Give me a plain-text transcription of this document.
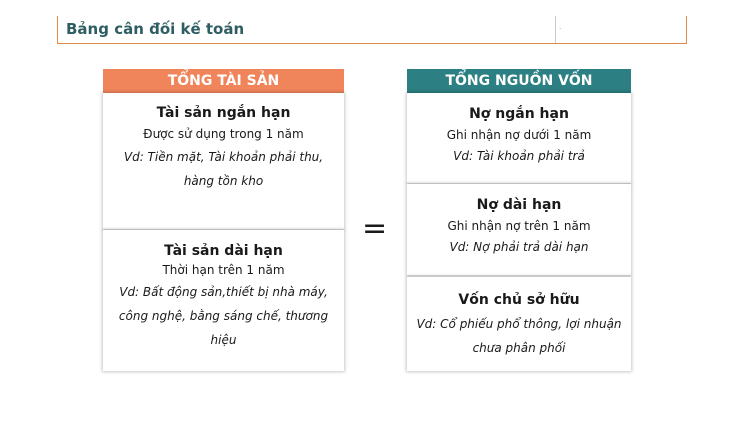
Bảng cân đối kế toán	.
TỔNG TÀI SẢN

Tài sản ngắn hạn

Được sử dụng trong 1 năm

Vd: Tiền mặt, Tài khoản phải thu,

hàng tồn kho

Tài sản dài hạn

Thời hạn trên 1 năm

Vd: Bất động sản,thiết bị nhà máy,

công nghệ, bằng sáng chế, thương

hiệu

=
TỔNG NGUỒN VỐN

Nợ ngắn hạn

Ghi nhận nợ dưới 1 năm

Vd: Tài khoản phải trả

Nợ dài hạn

Ghi nhận nợ trên 1 năm

Vd: Nợ phải trả dài hạn

Vốn chủ sở hữu

Vd: Cổ phiếu phổ thông, lợi nhuận

chưa phân phối
